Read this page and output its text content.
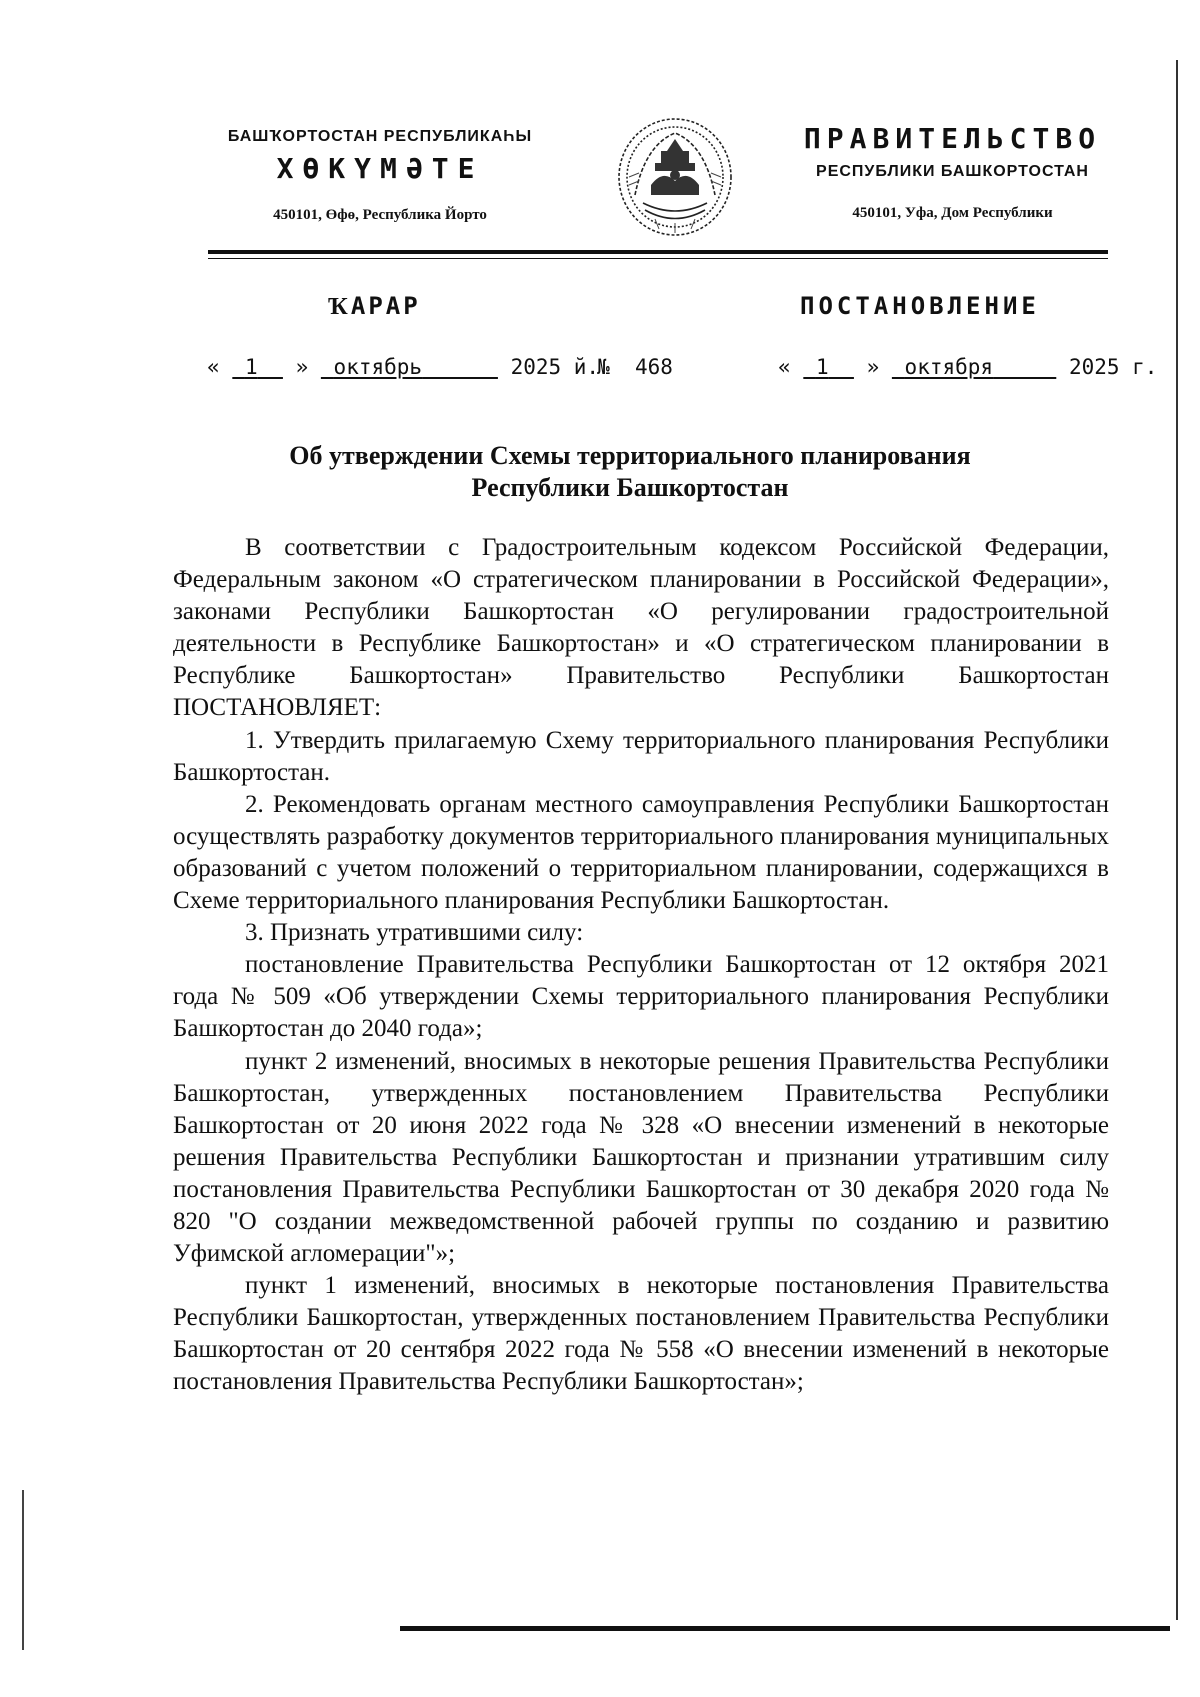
БАШҠОРТОСТАН РЕСПУБЛИКАҺЫ
ХӨКҮМӘТЕ
450101, Өфө, Республика Йорто
ПРАВИТЕЛЬСТВО
РЕСПУБЛИКИ БАШКОРТОСТАН
450101, Уфа, Дом Республики
ҠАРАР	ПОСТАНОВЛЕНИЕ
« 1 » октябрь	2025 й.
№ 468	« 1 » октября	2025 г.
Об утверждении Схемы территориального планирования
Республики Башкортостан

В соответствии с Градостроительным кодексом Российской Федерации, Федеральным законом «О стратегическом планировании в Российской Федерации», законами Республики Башкортостан «О регулировании градостроительной деятельности в Республике Башкортостан» и «О стратегическом планировании в Республике Башкортостан» Правительство Республики Башкортостан ПОСТАНОВЛЯЕТ:

1. Утвердить прилагаемую Схему территориального планирования Республики Башкортостан.

2. Рекомендовать органам местного самоуправления Республики Башкортостан осуществлять разработку документов территориального планирования муниципальных образований с учетом положений о территориальном планировании, содержащихся в Схеме территориального планирования Республики Башкортостан.

3. Признать утратившими силу:

постановление Правительства Республики Башкортостан от 12 октября 2021 года № 509 «Об утверждении Схемы территориального планирования Республики Башкортостан до 2040 года»;

пункт 2 изменений, вносимых в некоторые решения Правительства Республики Башкортостан, утвержденных постановлением Правительства Республики Башкортостан от 20 июня 2022 года № 328 «О внесении изменений в некоторые решения Правительства Республики Башкортостан и признании утратившим силу постановления Правительства Республики Башкортостан от 30 декабря 2020 года № 820 "О создании межведомственной рабочей группы по созданию и развитию Уфимской агломерации"»;

пункт 1 изменений, вносимых в некоторые постановления Правительства Республики Башкортостан, утвержденных постановлением Правительства Республики Башкортостан от 20 сентября 2022 года № 558 «О внесении изменений в некоторые постановления Правительства Республики Башкортостан»;
